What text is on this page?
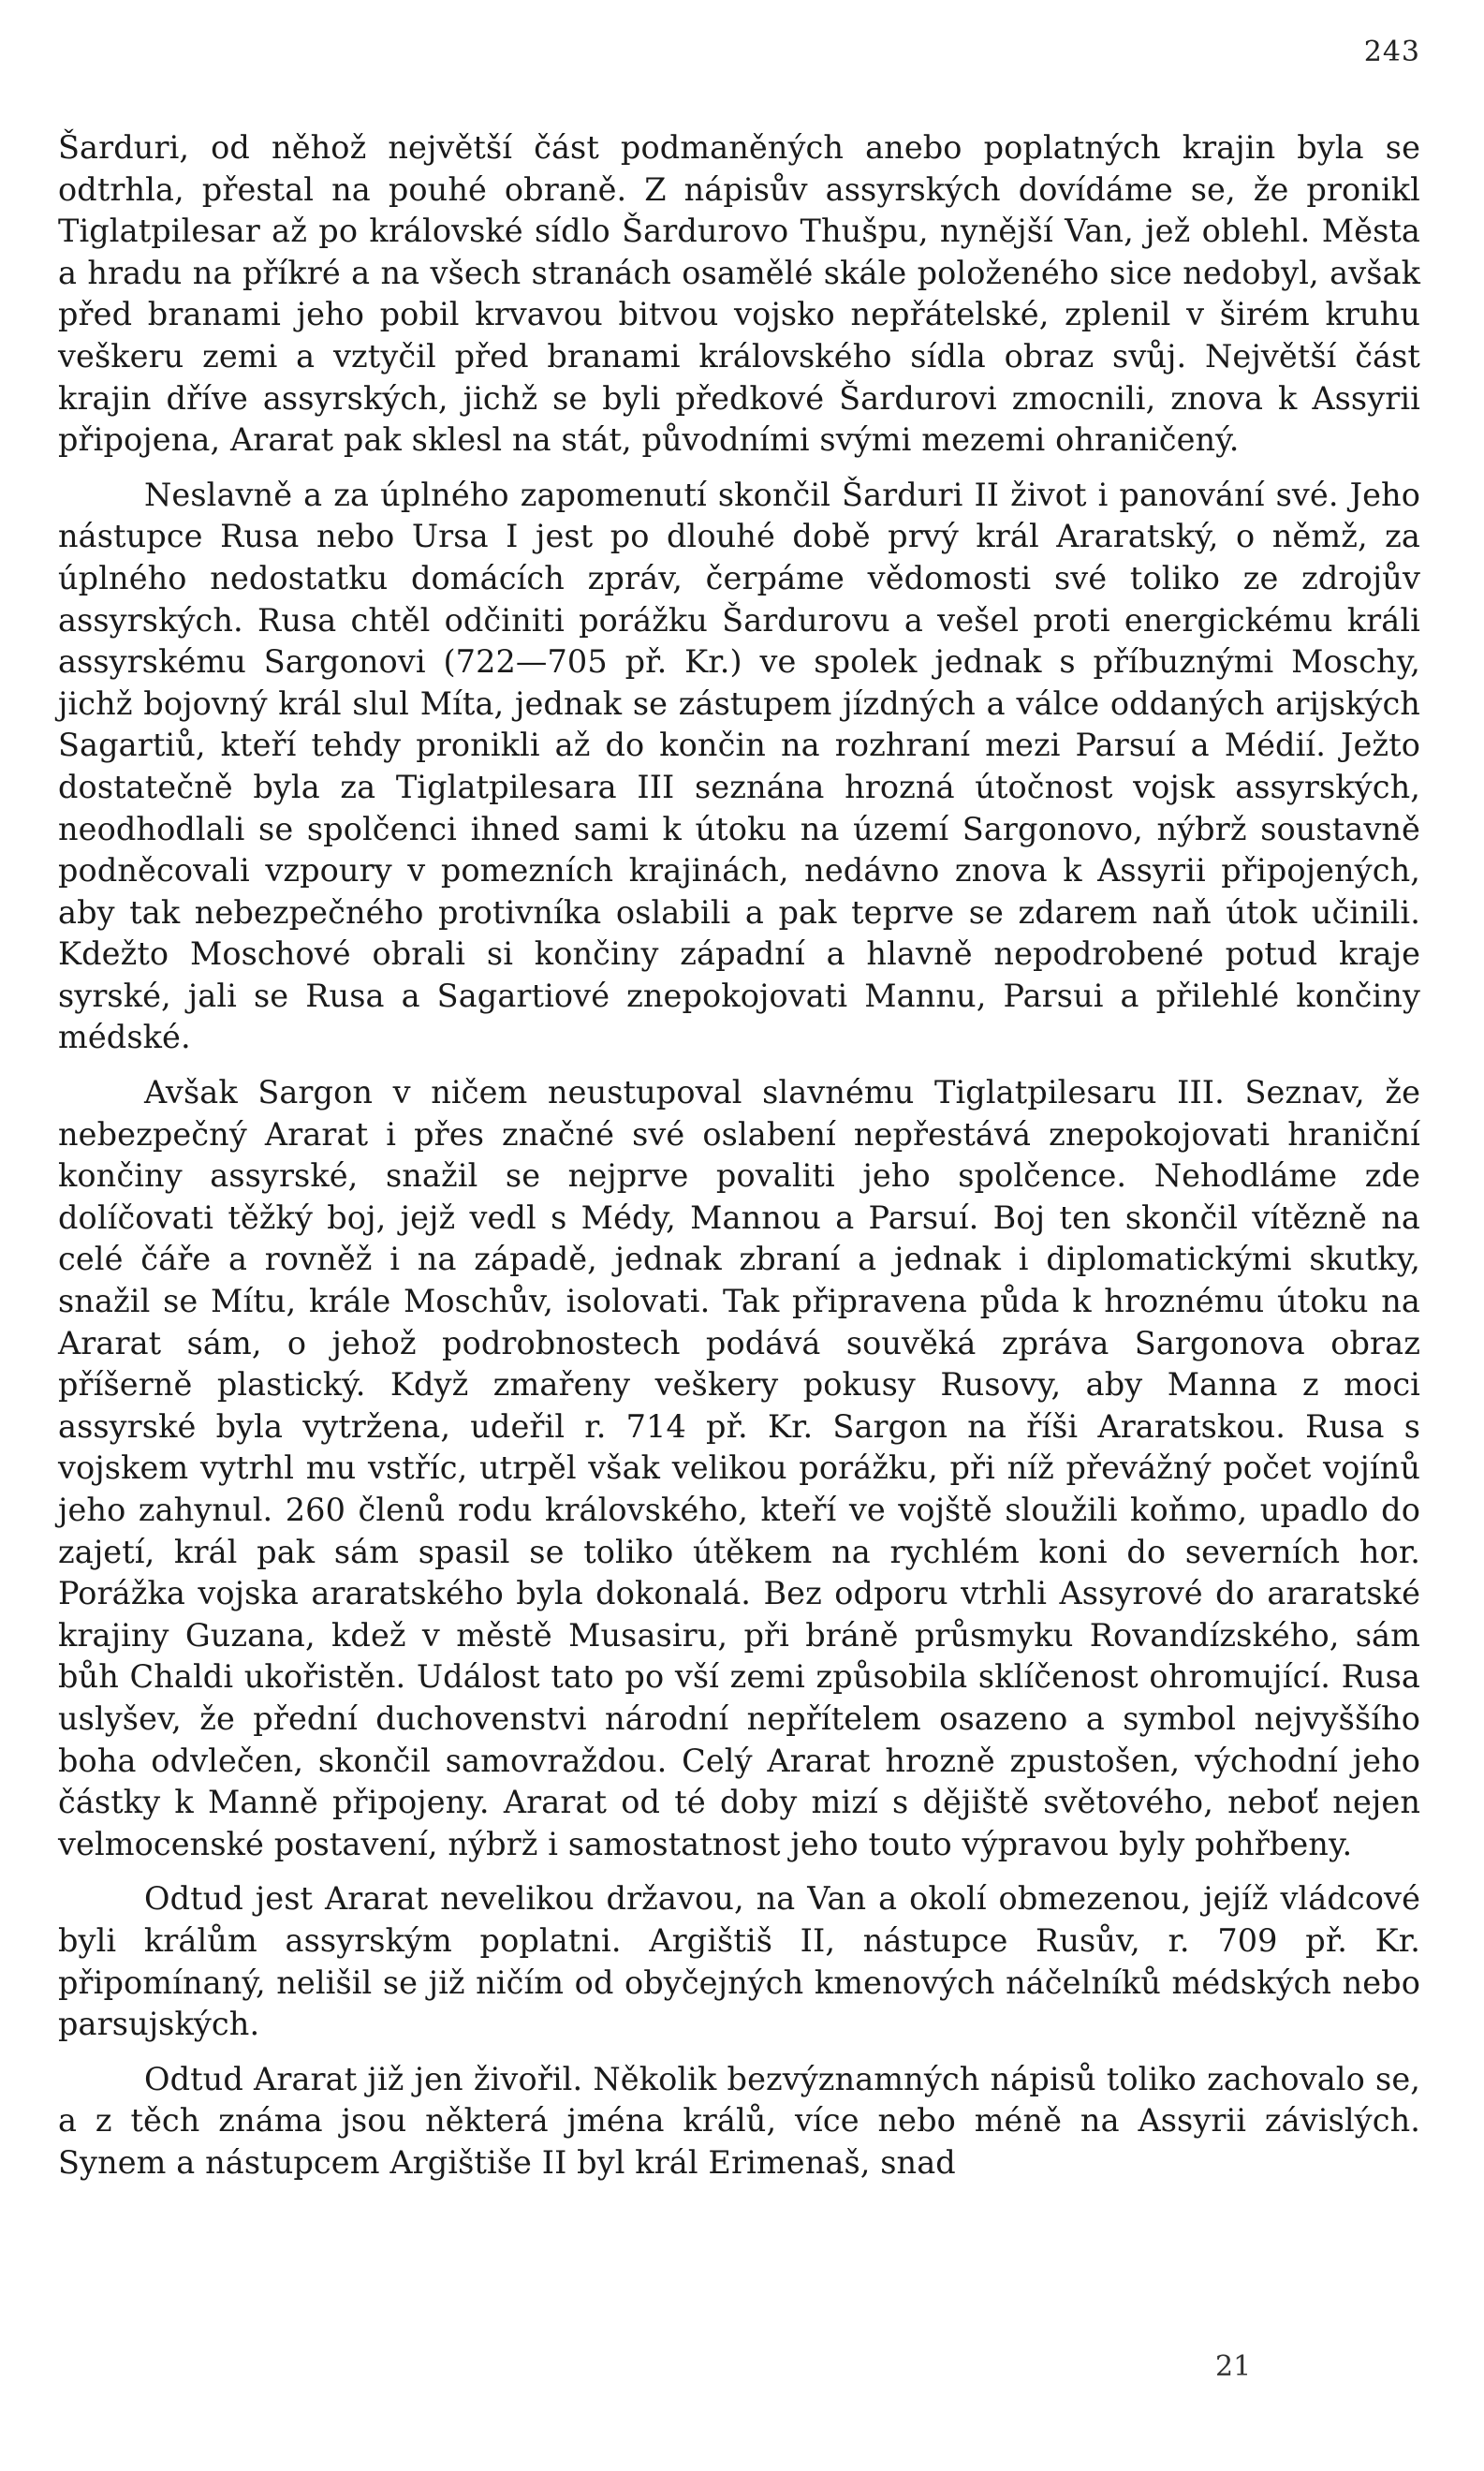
243

Šarduri, od něhož největší část podmaněných anebo poplatných krajin byla se odtrhla, přestal na pouhé obraně. Z nápisův assyrských dovídáme se, že pronikl Tiglatpilesar až po královské sídlo Šardurovo Thušpu, nynější Van, jež oblehl. Města a hradu na příkré a na všech stranách osamělé skále položeného sice nedobyl, avšak před branami jeho pobil krvavou bitvou vojsko nepřátelské, zplenil v širém kruhu veškeru zemi a vztyčil před branami královského sídla obraz svůj. Největší část krajin dříve assyrských, jichž se byli předkové Šardurovi zmocnili, znova k Assyrii připojena, Ararat pak sklesl na stát, původními svými mezemi ohraničený.

Neslavně a za úplného zapomenutí skončil Šarduri II život i panování své. Jeho nástupce Rusa nebo Ursa I jest po dlouhé době prvý král Araratský, o němž, za úplného nedostatku domácích zpráv, čerpáme vědomosti své toliko ze zdrojův assyrských. Rusa chtěl odčiniti porážku Šardurovu a vešel proti energickému králi assyrskému Sargonovi (722—705 př. Kr.) ve spolek jednak s příbuznými Moschy, jichž bojovný král slul Míta, jednak se zástupem jízdných a válce oddaných arijských Sagartiů, kteří tehdy pronikli až do končin na rozhraní mezi Parsuí a Médií. Ježto dostatečně byla za Tiglatpilesara III seznána hrozná útočnost vojsk assyrských, neodhodlali se spolčenci ihned sami k útoku na území Sargonovo, nýbrž soustavně podněcovali vzpoury v pomezních krajinách, nedávno znova k Assyrii připojených, aby tak nebezpečného protivníka oslabili a pak teprve se zdarem naň útok učinili. Kdežto Moschové obrali si končiny západní a hlavně nepodrobené potud kraje syrské, jali se Rusa a Sagartiové znepokojovati Mannu, Parsui a přilehlé končiny médské.

Avšak Sargon v ničem neustupoval slavnému Tiglatpilesaru III. Seznav, že nebezpečný Ararat i přes značné své oslabení nepřestává znepokojovati hraniční končiny assyrské, snažil se nejprve povaliti jeho spolčence. Nehodláme zde dolíčovati těžký boj, jejž vedl s Médy, Mannou a Parsuí. Boj ten skončil vítězně na celé čáře a rovněž i na západě, jednak zbraní a jednak i diplomatickými skutky, snažil se Mítu, krále Moschův, isolovati. Tak připravena půda k hroznému útoku na Ararat sám, o jehož podrobnostech podává souvěká zpráva Sargonova obraz příšerně plastický. Když zmařeny veškery pokusy Rusovy, aby Manna z moci assyrské byla vytržena, udeřil r. 714 př. Kr. Sargon na říši Araratskou. Rusa s vojskem vytrhl mu vstříc, utrpěl však velikou porážku, při níž převážný počet vojínů jeho zahynul. 260 členů rodu královského, kteří ve vojště sloužili koňmo, upadlo do zajetí, král pak sám spasil se toliko útěkem na rychlém koni do severních hor. Porážka vojska araratského byla dokonalá. Bez odporu vtrhli Assyrové do araratské krajiny Guzana, kdež v městě Musasiru, při bráně průsmyku Rovandízského, sám bůh Chaldi ukořistěn. Událost tato po vší zemi způsobila sklíčenost ohromující. Rusa uslyšev, že přední duchovenstvi národní nepřítelem osazeno a symbol nejvyššího boha odvlečen, skončil samovraždou. Celý Ararat hrozně zpustošen, východní jeho částky k Manně připojeny. Ararat od té doby mizí s dějiště světového, neboť nejen velmocenské postavení, nýbrž i samostatnost jeho touto výpravou byly pohřbeny.

Odtud jest Ararat nevelikou državou, na Van a okolí obmezenou, jejíž vládcové byli králům assyrským poplatni. Argištiš II, nástupce Rusův, r. 709 př. Kr. připomínaný, nelišil se již ničím od obyčejných kmenových náčelníků médských nebo parsujských.

Odtud Ararat již jen živořil. Několik bezvýznamných nápisů toliko zachovalo se, a z těch známa jsou některá jména králů, více nebo méně na Assyrii závislých. Synem a nástupcem Argištiše II byl král Erimenaš, snad

21
